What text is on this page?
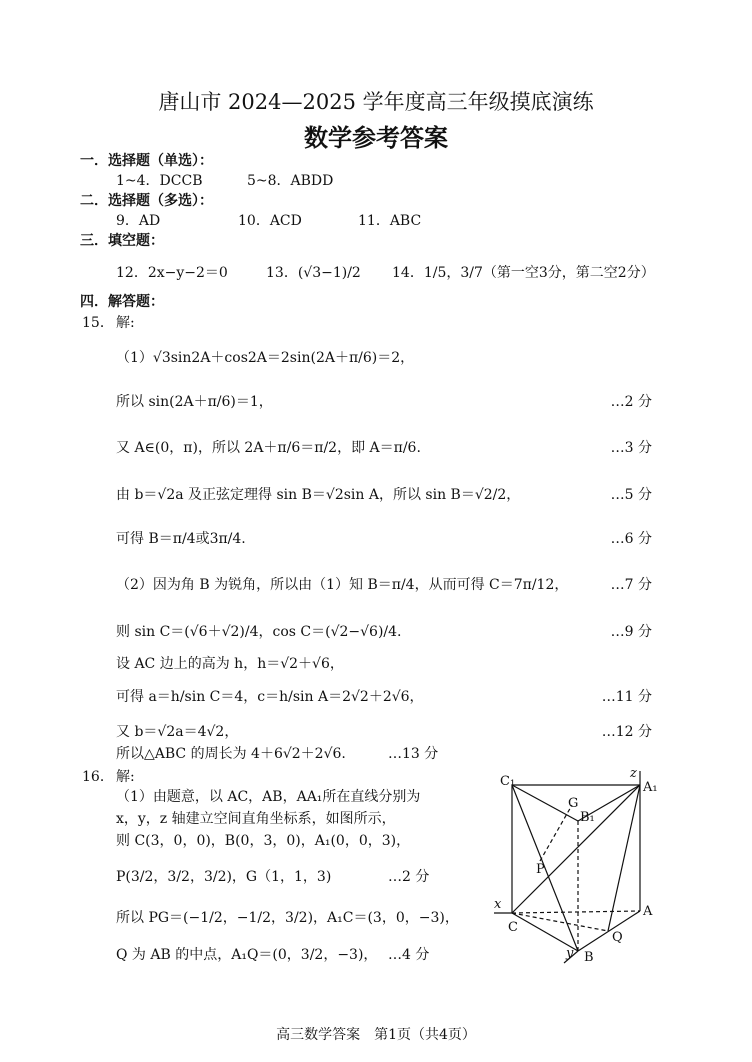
唐山市 2024—2025 学年度高三年级摸底演练
数学参考答案
一．选择题（单选）：
1~4．DCCB          5~8．ABDD
二．选择题（多选）：
9．AD	10．ACD	11．ABC
三．填空题：
12．2x−y−2＝0	13．(√3−1)/2 14．1/5，3/7（第一空3分，第二空2分）
四．解答题：
15． 解:
（1）√3sin2A＋cos2A＝2sin(2A＋π/6)＝2，
所以 sin(2A＋π/6)＝1，	…2 分
又 A∈(0，π)，所以 2A＋π/6＝π/2，即 A＝π/6.	…3 分
由 b＝√2a 及正弦定理得 sin B＝√2sin A，所以 sin B＝√2/2，	…5 分
可得 B＝π/4或3π/4.	…6 分
（2）因为角 B 为锐角，所以由（1）知 B＝π/4，从而可得 C＝7π/12，	…7 分
则 sin C＝(√6＋√2)/4，cos C＝(√2−√6)/4.	…9 分
设 AC 边上的高为 h，h＝√2＋√6，
可得 a＝h/sin C＝4，c＝h/sin A＝2√2＋2√6，	…11 分
又 b＝√2a＝4√2，	…12 分
所以△ABC 的周长为 4＋6√2＋2√6.	…13 分
16． 解:
（1）由题意，以 AC，AB，AA₁所在直线分别为
x，y，z 轴建立空间直角坐标系，如图所示，
则 C(3，0，0)，B(0，3，0)，A₁(0，0，3)，
P(3/2，3/2，3/2)，G（1，1，3)	…2 分
所以 PG＝(−1/2，−1/2，3/2)，A₁C＝(3，0，−3)，
Q 为 AB 的中点，A₁Q＝(0，3/2，−3)， …4 分
C₁	A₁
G
B₁
P
C
A
Q
B
x
y
z
高三数学答案　第1页（共4页）
